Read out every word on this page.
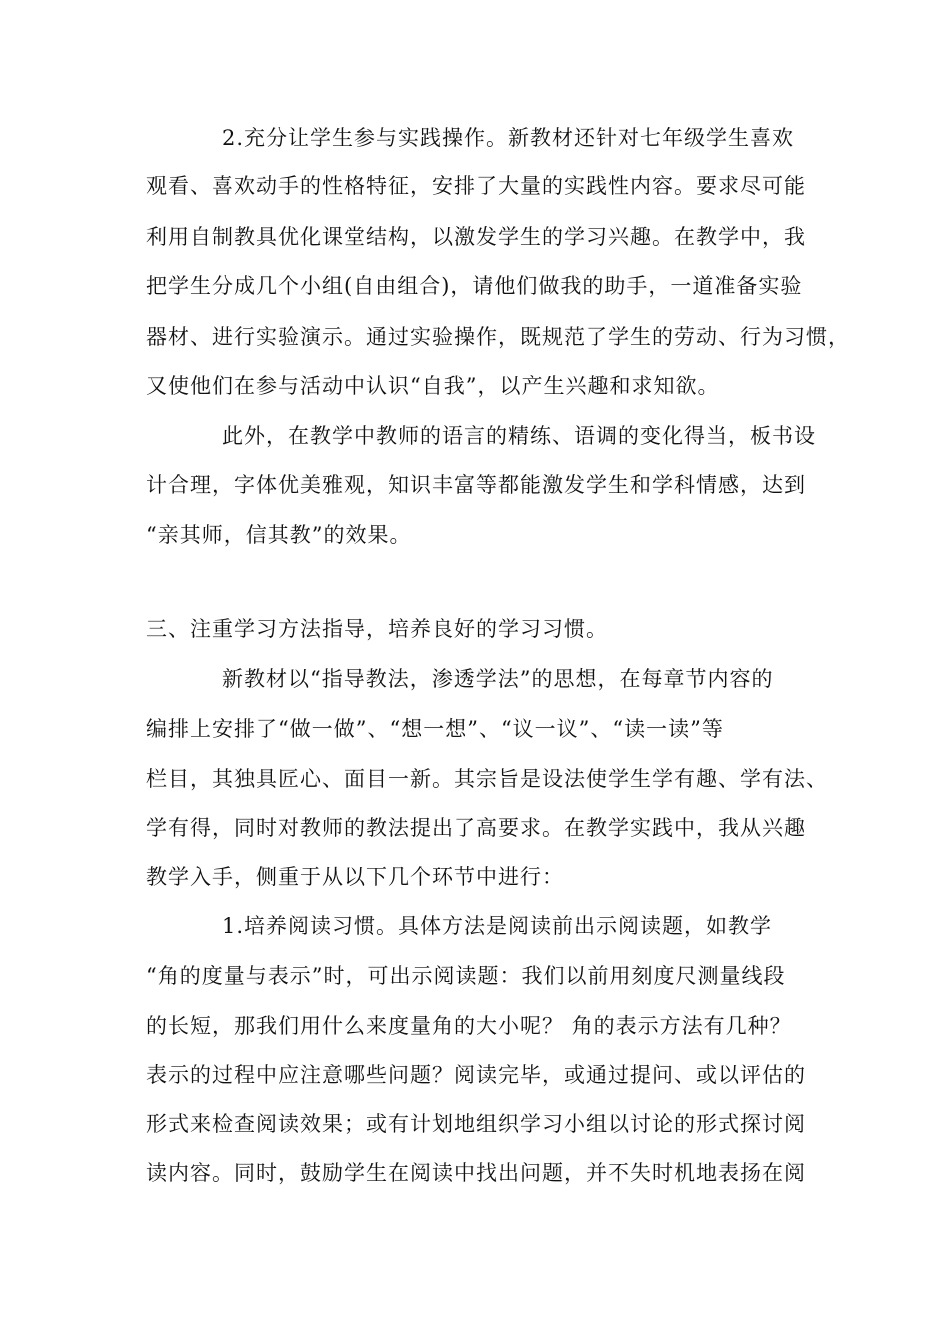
2.充分让学生参与实践操作。新教材还针对七年级学生喜欢
观看、喜欢动手的性格特征，安排了大量的实践性内容。要求尽可能
利用自制教具优化课堂结构，以激发学生的学习兴趣。在教学中，我
把学生分成几个小组(自由组合)，请他们做我的助手，一道准备实验
器材、进行实验演示。通过实验操作，既规范了学生的劳动、行为习惯，
又使他们在参与活动中认识“自我”，以产生兴趣和求知欲。
此外，在教学中教师的语言的精练、语调的变化得当，板书设
计合理，字体优美雅观，知识丰富等都能激发学生和学科情感，达到
“亲其师，信其教”的效果。
三、注重学习方法指导，培养良好的学习习惯。
新教材以“指导教法，渗透学法”的思想，在每章节内容的
编排上安排了“做一做”、“想一想”、“议一议”、“读一读”等
栏目，其独具匠心、面目一新。其宗旨是设法使学生学有趣、学有法、
学有得，同时对教师的教法提出了高要求。在教学实践中，我从兴趣
教学入手，侧重于从以下几个环节中进行：
1.培养阅读习惯。具体方法是阅读前出示阅读题，如教学
“角的度量与表示”时，可出示阅读题：我们以前用刻度尺测量线段
的长短，那我们用什么来度量角的大小呢？ 角的表示方法有几种？
表示的过程中应注意哪些问题？阅读完毕，或通过提问、或以评估的
形式来检查阅读效果；或有计划地组织学习小组以讨论的形式探讨阅
读内容。同时，鼓励学生在阅读中找出问题，并不失时机地表扬在阅
